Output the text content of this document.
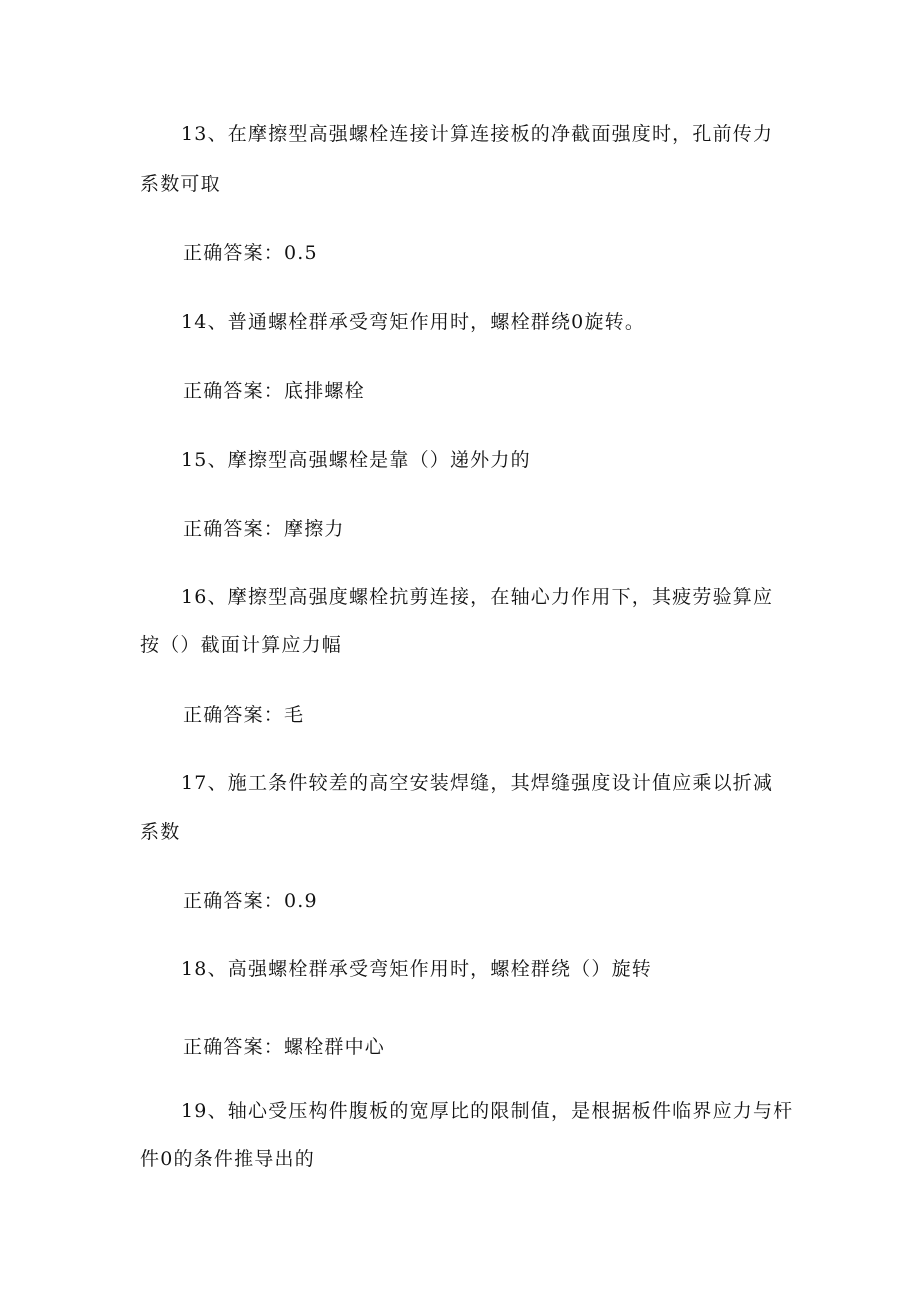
13、在摩擦型高强螺栓连接计算连接板的净截面强度时，孔前传力
系数可取
正确答案：0.5
14、普通螺栓群承受弯矩作用时，螺栓群绕0旋转。
正确答案：底排螺栓
15、摩擦型高强螺栓是靠（）递外力的
正确答案：摩擦力
16、摩擦型高强度螺栓抗剪连接，在轴心力作用下，其疲劳验算应
按（）截面计算应力幅
正确答案：毛
17、施工条件较差的高空安装焊缝，其焊缝强度设计值应乘以折减
系数
正确答案：0.9
18、高强螺栓群承受弯矩作用时，螺栓群绕（）旋转
正确答案：螺栓群中心
19、轴心受压构件腹板的宽厚比的限制值，是根据板件临界应力与杆
件0的条件推导出的
